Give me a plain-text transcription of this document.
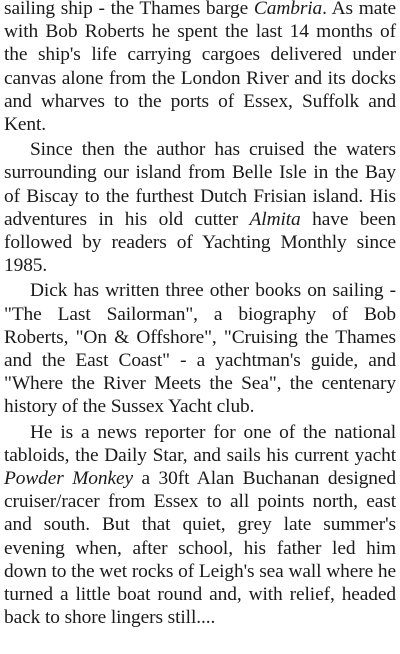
sailing ship - the Thames barge Cambria. As mate with Bob Roberts he spent the last 14 months of the ship's life carrying cargoes delivered under canvas alone from the London River and its docks and wharves to the ports of Essex, Suffolk and Kent.

Since then the author has cruised the waters surrounding our island from Belle Isle in the Bay of Biscay to the furthest Dutch Frisian island. His adventures in his old cutter Almita have been followed by readers of Yachting Monthly since 1985.

Dick has written three other books on sailing - "The Last Sailorman", a biography of Bob Roberts, "On & Offshore", "Cruising the Thames and the East Coast" - a yachtman's guide, and "Where the River Meets the Sea", the centenary history of the Sussex Yacht club.

He is a news reporter for one of the national tabloids, the Daily Star, and sails his current yacht Powder Monkey a 30ft Alan Buchanan designed cruiser/racer from Essex to all points north, east and south. But that quiet, grey late summer's evening when, after school, his father led him down to the wet rocks of Leigh's sea wall where he turned a little boat round and, with relief, headed back to shore lingers still....
